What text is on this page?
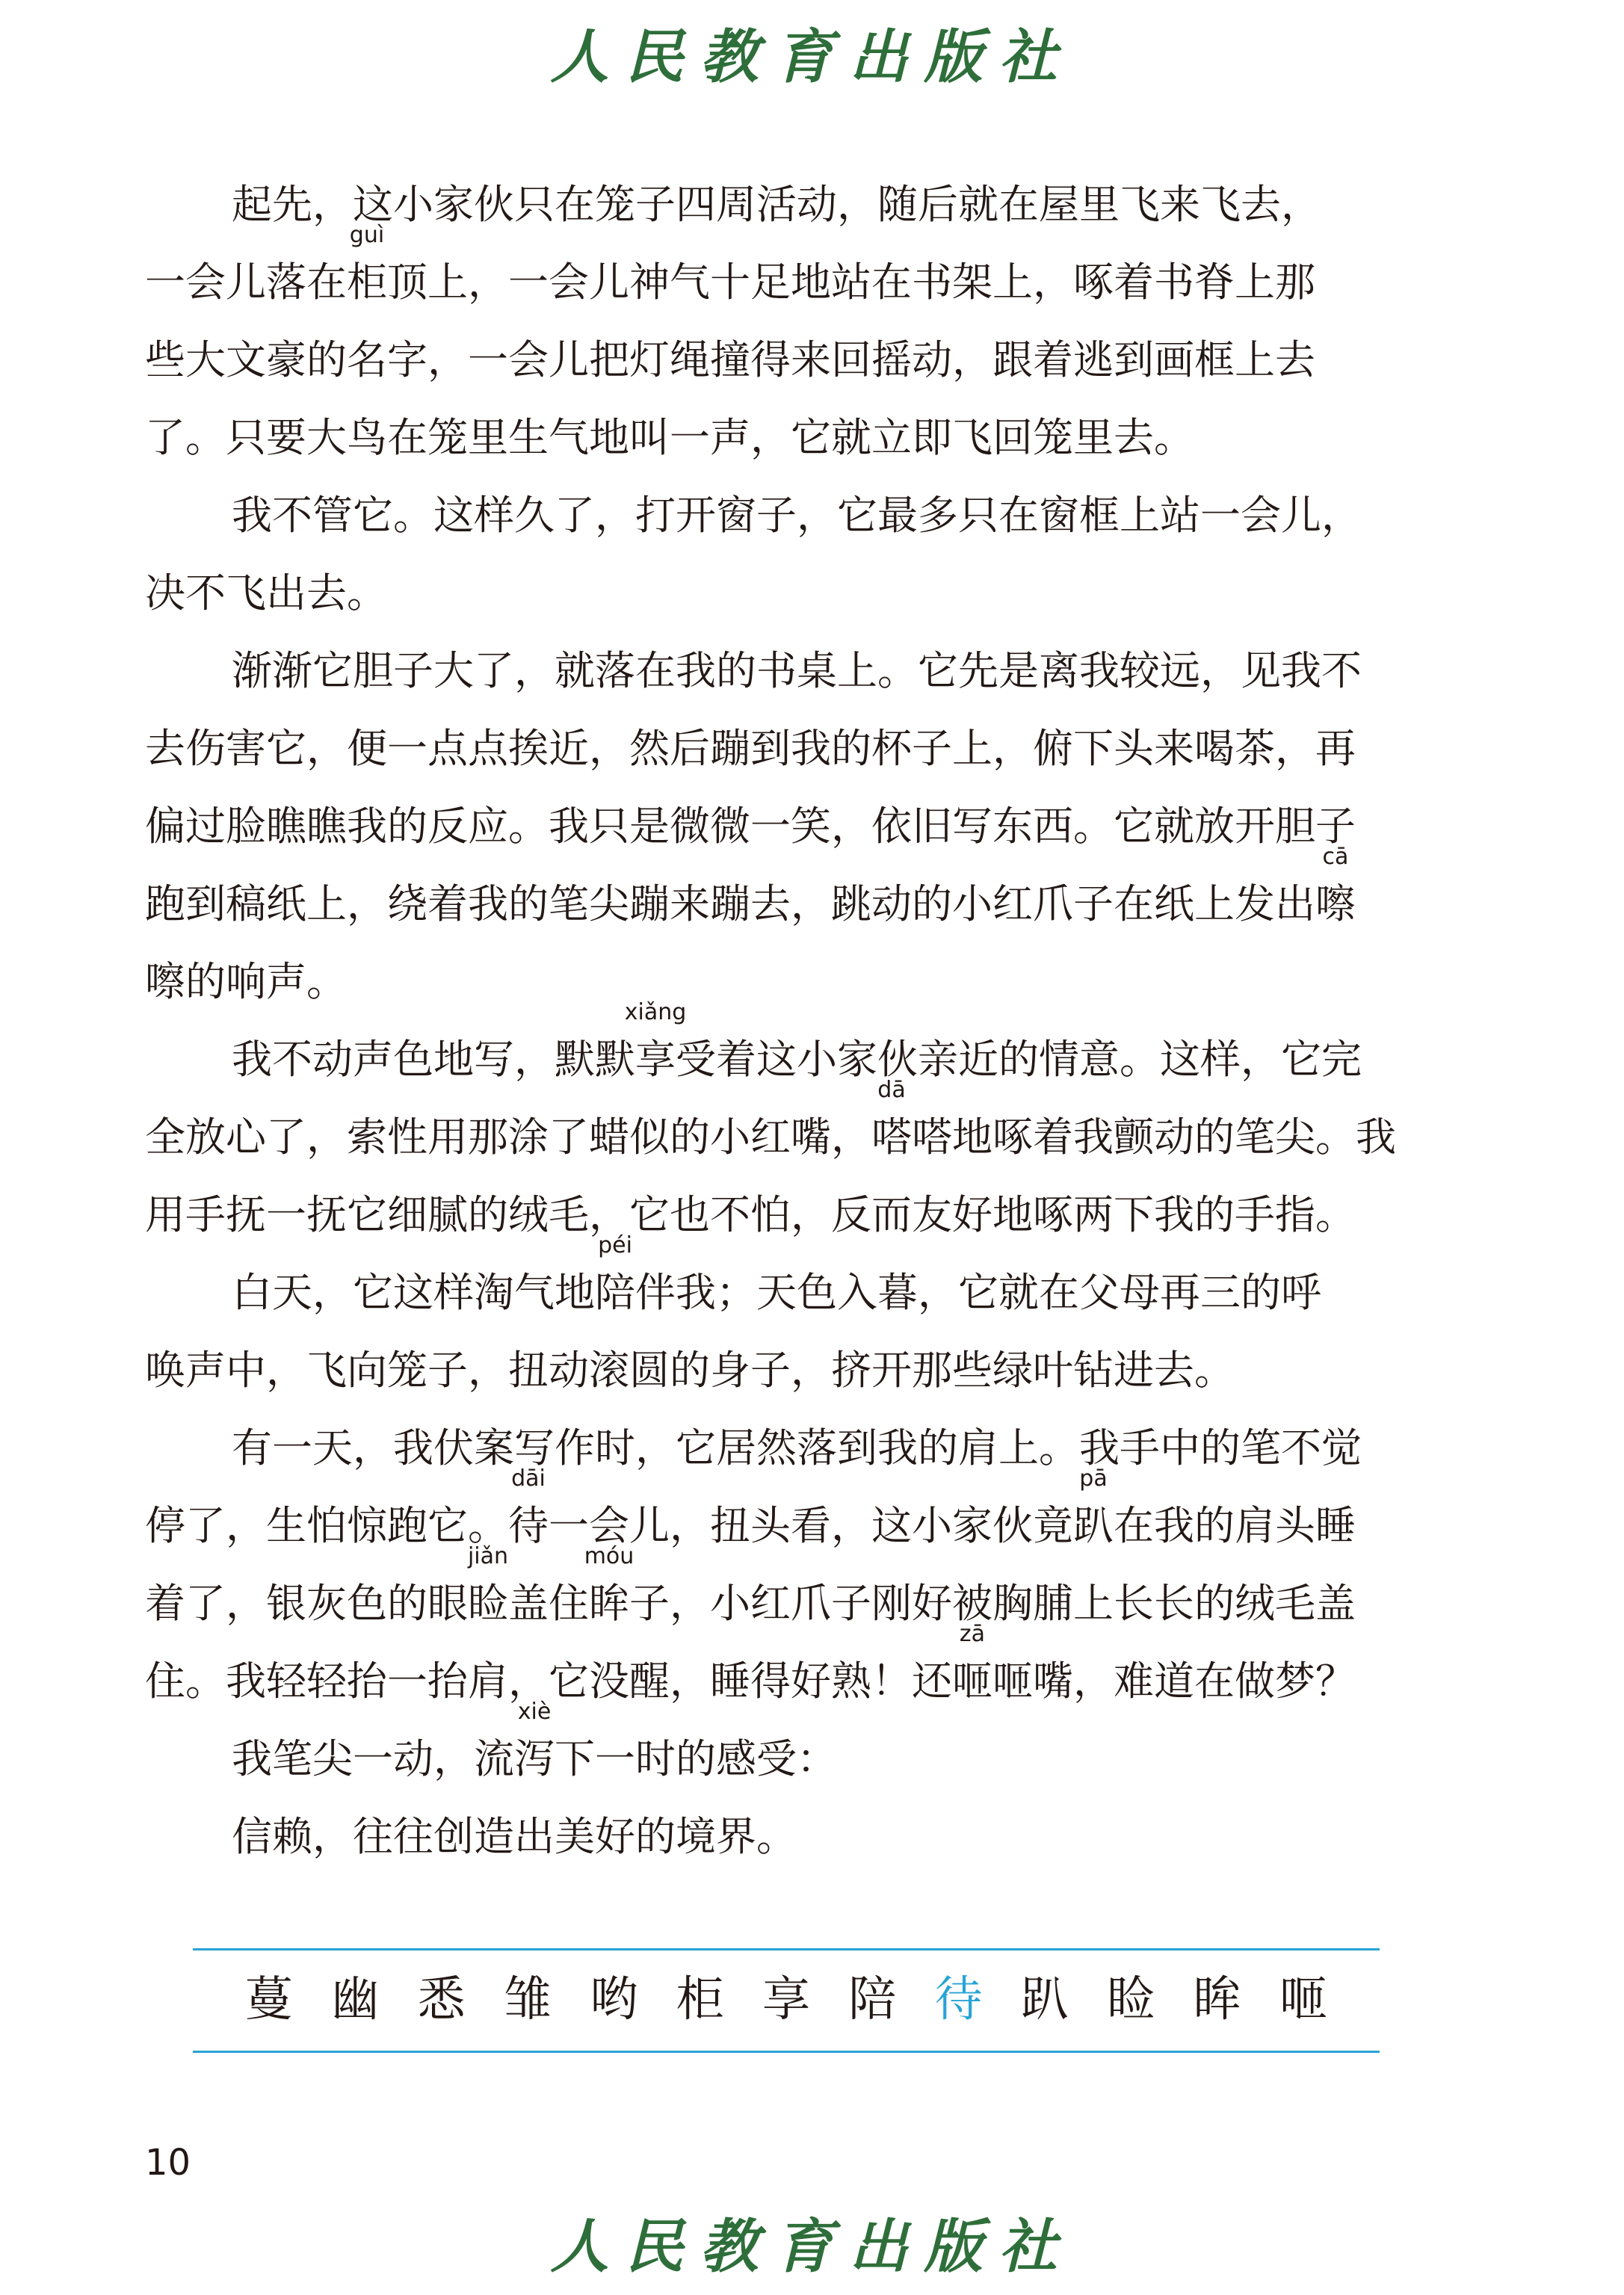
人民教育出版社
起先，这小家伙只在笼子四周活动，随后就在屋里飞来飞去，
一会儿落在
guì
柜顶上，一会儿神气十足地站在书架上，啄着书脊上那
些大文豪的名字，一会儿把灯绳撞得来回摇动，跟着逃到画框上去
了。只要大鸟在笼里生气地叫一声，它就立即飞回笼里去。
我不管它。这样久了，打开窗子，它最多只在窗框上站一会儿，
决不飞出去。
渐渐它胆子大了，就落在我的书桌上。它先是离我较远，见我不
去伤害它，便一点点挨近，然后蹦到我的杯子上，俯下头来喝茶，再
偏过脸瞧瞧我的反应。我只是微微一笑，依旧写东西。它就放开胆子
跑到稿纸上，绕着我的笔尖蹦来蹦去，跳动的小红爪子在纸上发出
cā
嚓
嚓的响声。
我不动声色地写，默默
xiǎng
享受着这小家伙亲近的情意。这样，它完
全放心了，索性用那涂了蜡似的小红嘴，
dā
嗒嗒地啄着我颤动的笔尖。我
用手抚一抚它细腻的绒毛，它也不怕，反而友好地啄两下我的手指。
白天，它这样淘气地
péi
陪伴我；天色入暮，它就在父母再三的呼
唤声中，飞向笼子，扭动滚圆的身子，挤开那些绿叶钻进去。
有一天，我伏案写作时，它居然落到我的肩上。我手中的笔不觉
停了，生怕惊跑它。
dāi
待一会儿，扭头看，这小家伙竟
pā
趴在我的肩头睡
着了，银灰色的眼
jiǎn
睑盖住
móu
眸子，小红爪子刚好被胸脯上长长的绒毛盖
住。我轻轻抬一抬肩，它没醒，睡得好熟！还
zā
咂咂嘴，难道在做梦？
我笔尖一动，流
xiè
泻下一时的感受：
信赖，往往创造出美好的境界。
蔓 幽 悉 雏 哟 柜 享 陪 待 趴 睑 眸 咂
10
人民教育出版社
